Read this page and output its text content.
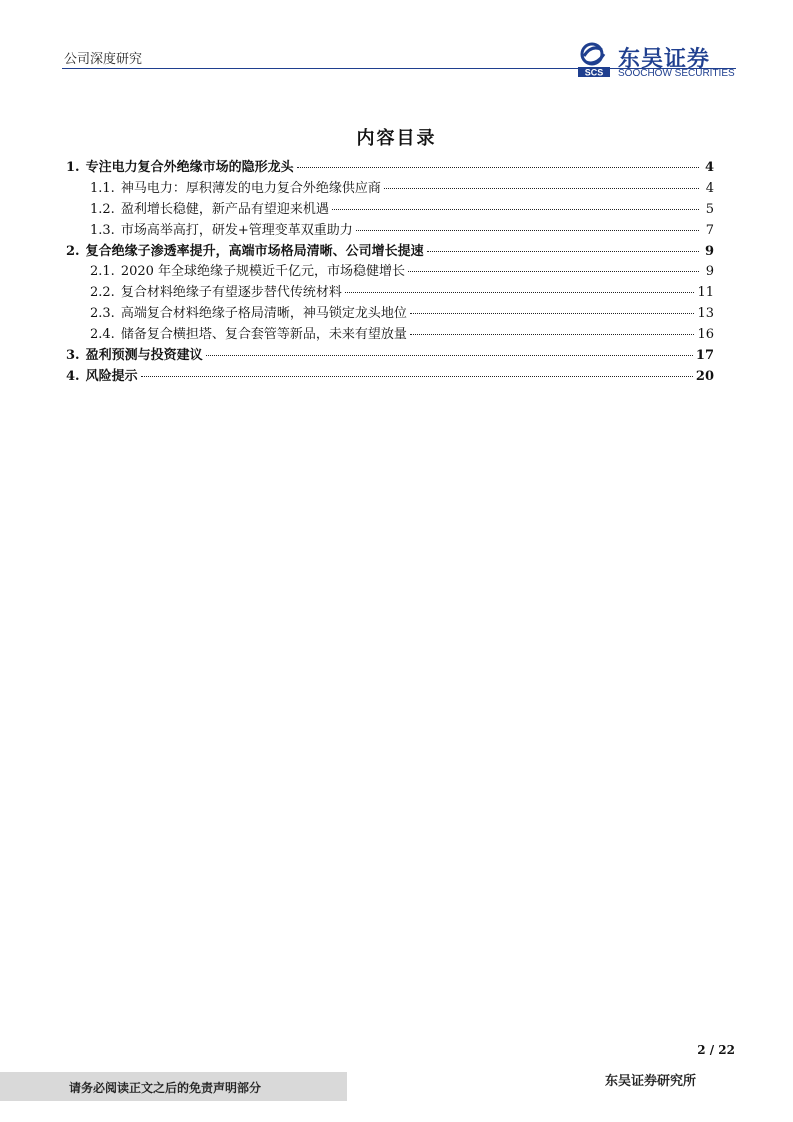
公司深度研究
SCS
东吴证券
SOOCHOW SECURITIES
内容目录
1. 专注电力复合外绝缘市场的隐形龙头	4
1.1. 神马电力：厚积薄发的电力复合外绝缘供应商	4
1.2. 盈利增长稳健，新产品有望迎来机遇	5
1.3. 市场高举高打，研发+管理变革双重助力	7
2. 复合绝缘子渗透率提升，高端市场格局清晰、公司增长提速	9
2.1. 2020 年全球绝缘子规模近千亿元，市场稳健增长	9
2.2. 复合材料绝缘子有望逐步替代传统材料	11
2.3. 高端复合材料绝缘子格局清晰，神马锁定龙头地位	13
2.4. 储备复合横担塔、复合套管等新品，未来有望放量	16
3. 盈利预测与投资建议	17
4. 风险提示	20
2 / 22
请务必阅读正文之后的免责声明部分	东吴证券研究所
